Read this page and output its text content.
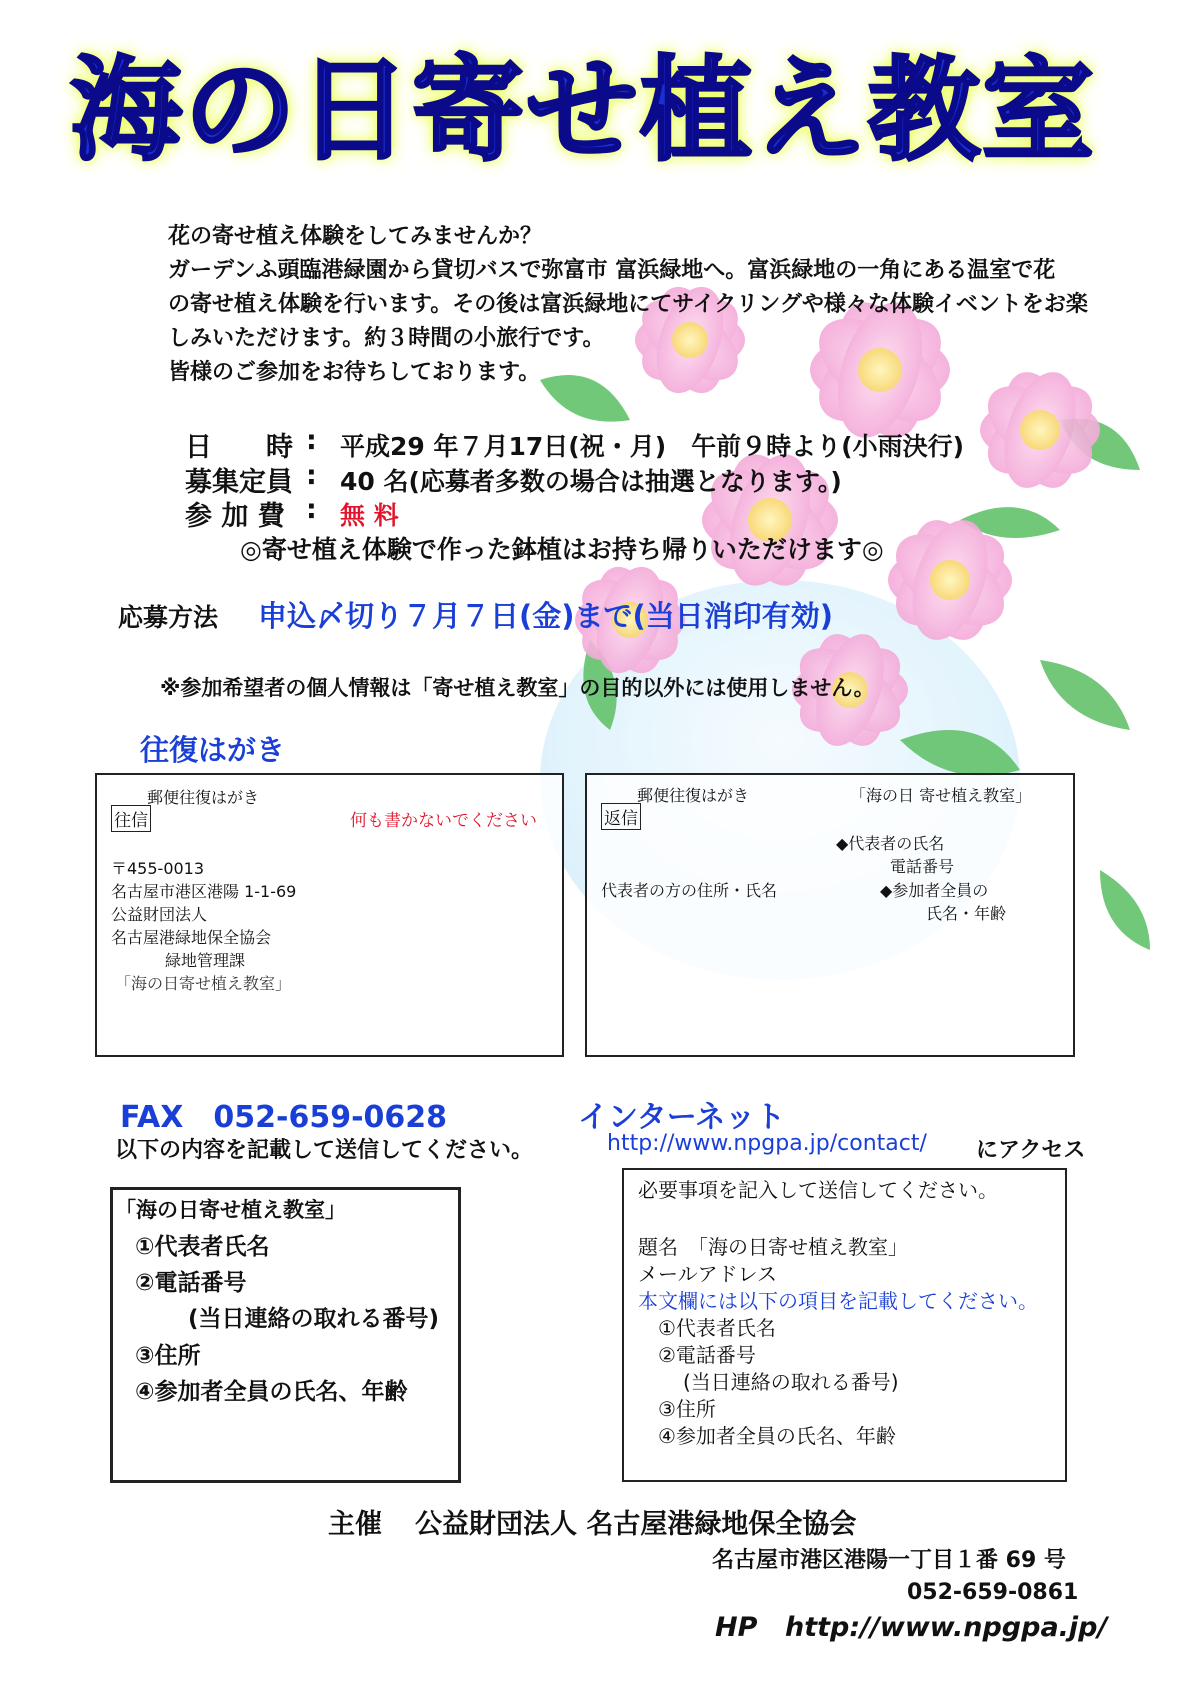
海の日寄せ植え教室
花の寄せ植え体験をしてみませんか？
ガーデンふ頭臨港緑園から貸切バスで弥富市 富浜緑地へ。富浜緑地の一角にある温室で花
の寄せ植え体験を行います。その後は富浜緑地にてサイクリングや様々な体験イベントをお楽
しみいただけます。約３時間の小旅行です。
皆様のご参加をお待ちしております。
日　　時 : 平成29 年７月17日(祝・月)　午前９時より(小雨決行)
募集定員 : 40 名(応募者多数の場合は抽選となります。)
参 加 費 : 無 料
◎寄せ植え体験で作った鉢植はお持ち帰りいただけます◎
応募方法 申込〆切り７月７日(金)まで(当日消印有効)
※参加希望者の個人情報は「寄せ植え教室」の目的以外には使用しません。
往復はがき
郵便往復はがき
往信	何も書かないでください
〒455-0013
名古屋市港区港陽 1-1-69
公益財団法人
名古屋港緑地保全協会
緑地管理課
「海の日寄せ植え教室」
郵便往復はがき	「海の日 寄せ植え教室」
返信
◆代表者の氏名
電話番号
代表者の方の住所・氏名	◆参加者全員の
氏名・年齢
FAX　052-659-0628
以下の内容を記載して送信してください。
「海の日寄せ植え教室」
①代表者氏名
②電話番号
(当日連絡の取れる番号)
③住所
④参加者全員の氏名、年齢
インターネット
http://www.npgpa.jp/contact/ にアクセス
必要事項を記入して送信してください。
題名　「海の日寄せ植え教室」
メールアドレス
本文欄には以下の項目を記載してください。
①代表者氏名
②電話番号
(当日連絡の取れる番号)
③住所
④参加者全員の氏名、年齢
主催 公益財団法人 名古屋港緑地保全協会
名古屋市港区港陽一丁目１番 69 号
052-659-0861
HP http://www.npgpa.jp/
